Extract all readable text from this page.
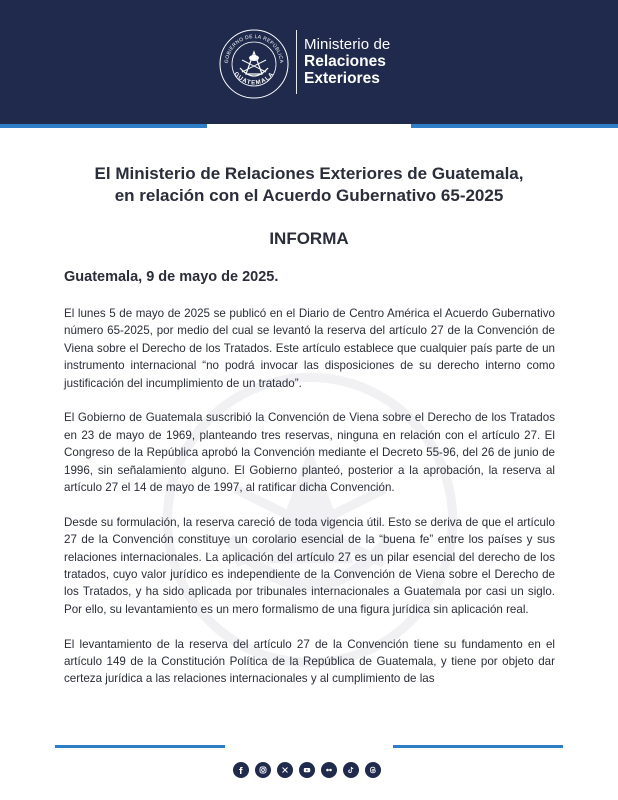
GOBIERNO DE LA REPÚBLICA
GUATEMALA
Ministerio de
Relaciones
Exteriores
El Ministerio de Relaciones Exteriores de Guatemala,
en relación con el Acuerdo Gubernativo 65-2025
INFORMA
Guatemala, 9 de mayo de 2025.

El lunes 5 de mayo de 2025 se publicó en el Diario de Centro América el Acuerdo Gubernativo número 65-2025, por medio del cual se levantó la reserva del artículo 27 de la Convención de Viena sobre el Derecho de los Tratados. Este artículo establece que cualquier país parte de un instrumento internacional “no podrá invocar las disposiciones de su derecho interno como justificación del incumplimiento de un tratado”.

El Gobierno de Guatemala suscribió la Convención de Viena sobre el Derecho de los Tratados en 23 de mayo de 1969, planteando tres reservas, ninguna en relación con el artículo 27. El Congreso de la República aprobó la Convención mediante el Decreto 55-96, del 26 de junio de 1996, sin señalamiento alguno. El Gobierno planteó, posterior a la aprobación, la reserva al artículo 27 el 14 de mayo de 1997, al ratificar dicha Convención.

Desde su formulación, la reserva careció de toda vigencia útil. Esto se deriva de que el artículo 27 de la Convención constituye un corolario esencial de la “buena fe” entre los países y sus relaciones internacionales. La aplicación del artículo 27 es un pilar esencial del derecho de los tratados, cuyo valor jurídico es independiente de la Convención de Viena sobre el Derecho de los Tratados, y ha sido aplicada por tribunales internacionales a Guatemala por casi un siglo. Por ello, su levantamiento es un mero formalismo de una figura jurídica sin aplicación real.

El levantamiento de la reserva del artículo 27 de la Convención tiene su fundamento en el artículo 149 de la Constitución Política de la República de Guatemala, y tiene por objeto dar certeza jurídica a las relaciones internacionales y al cumplimiento de las
